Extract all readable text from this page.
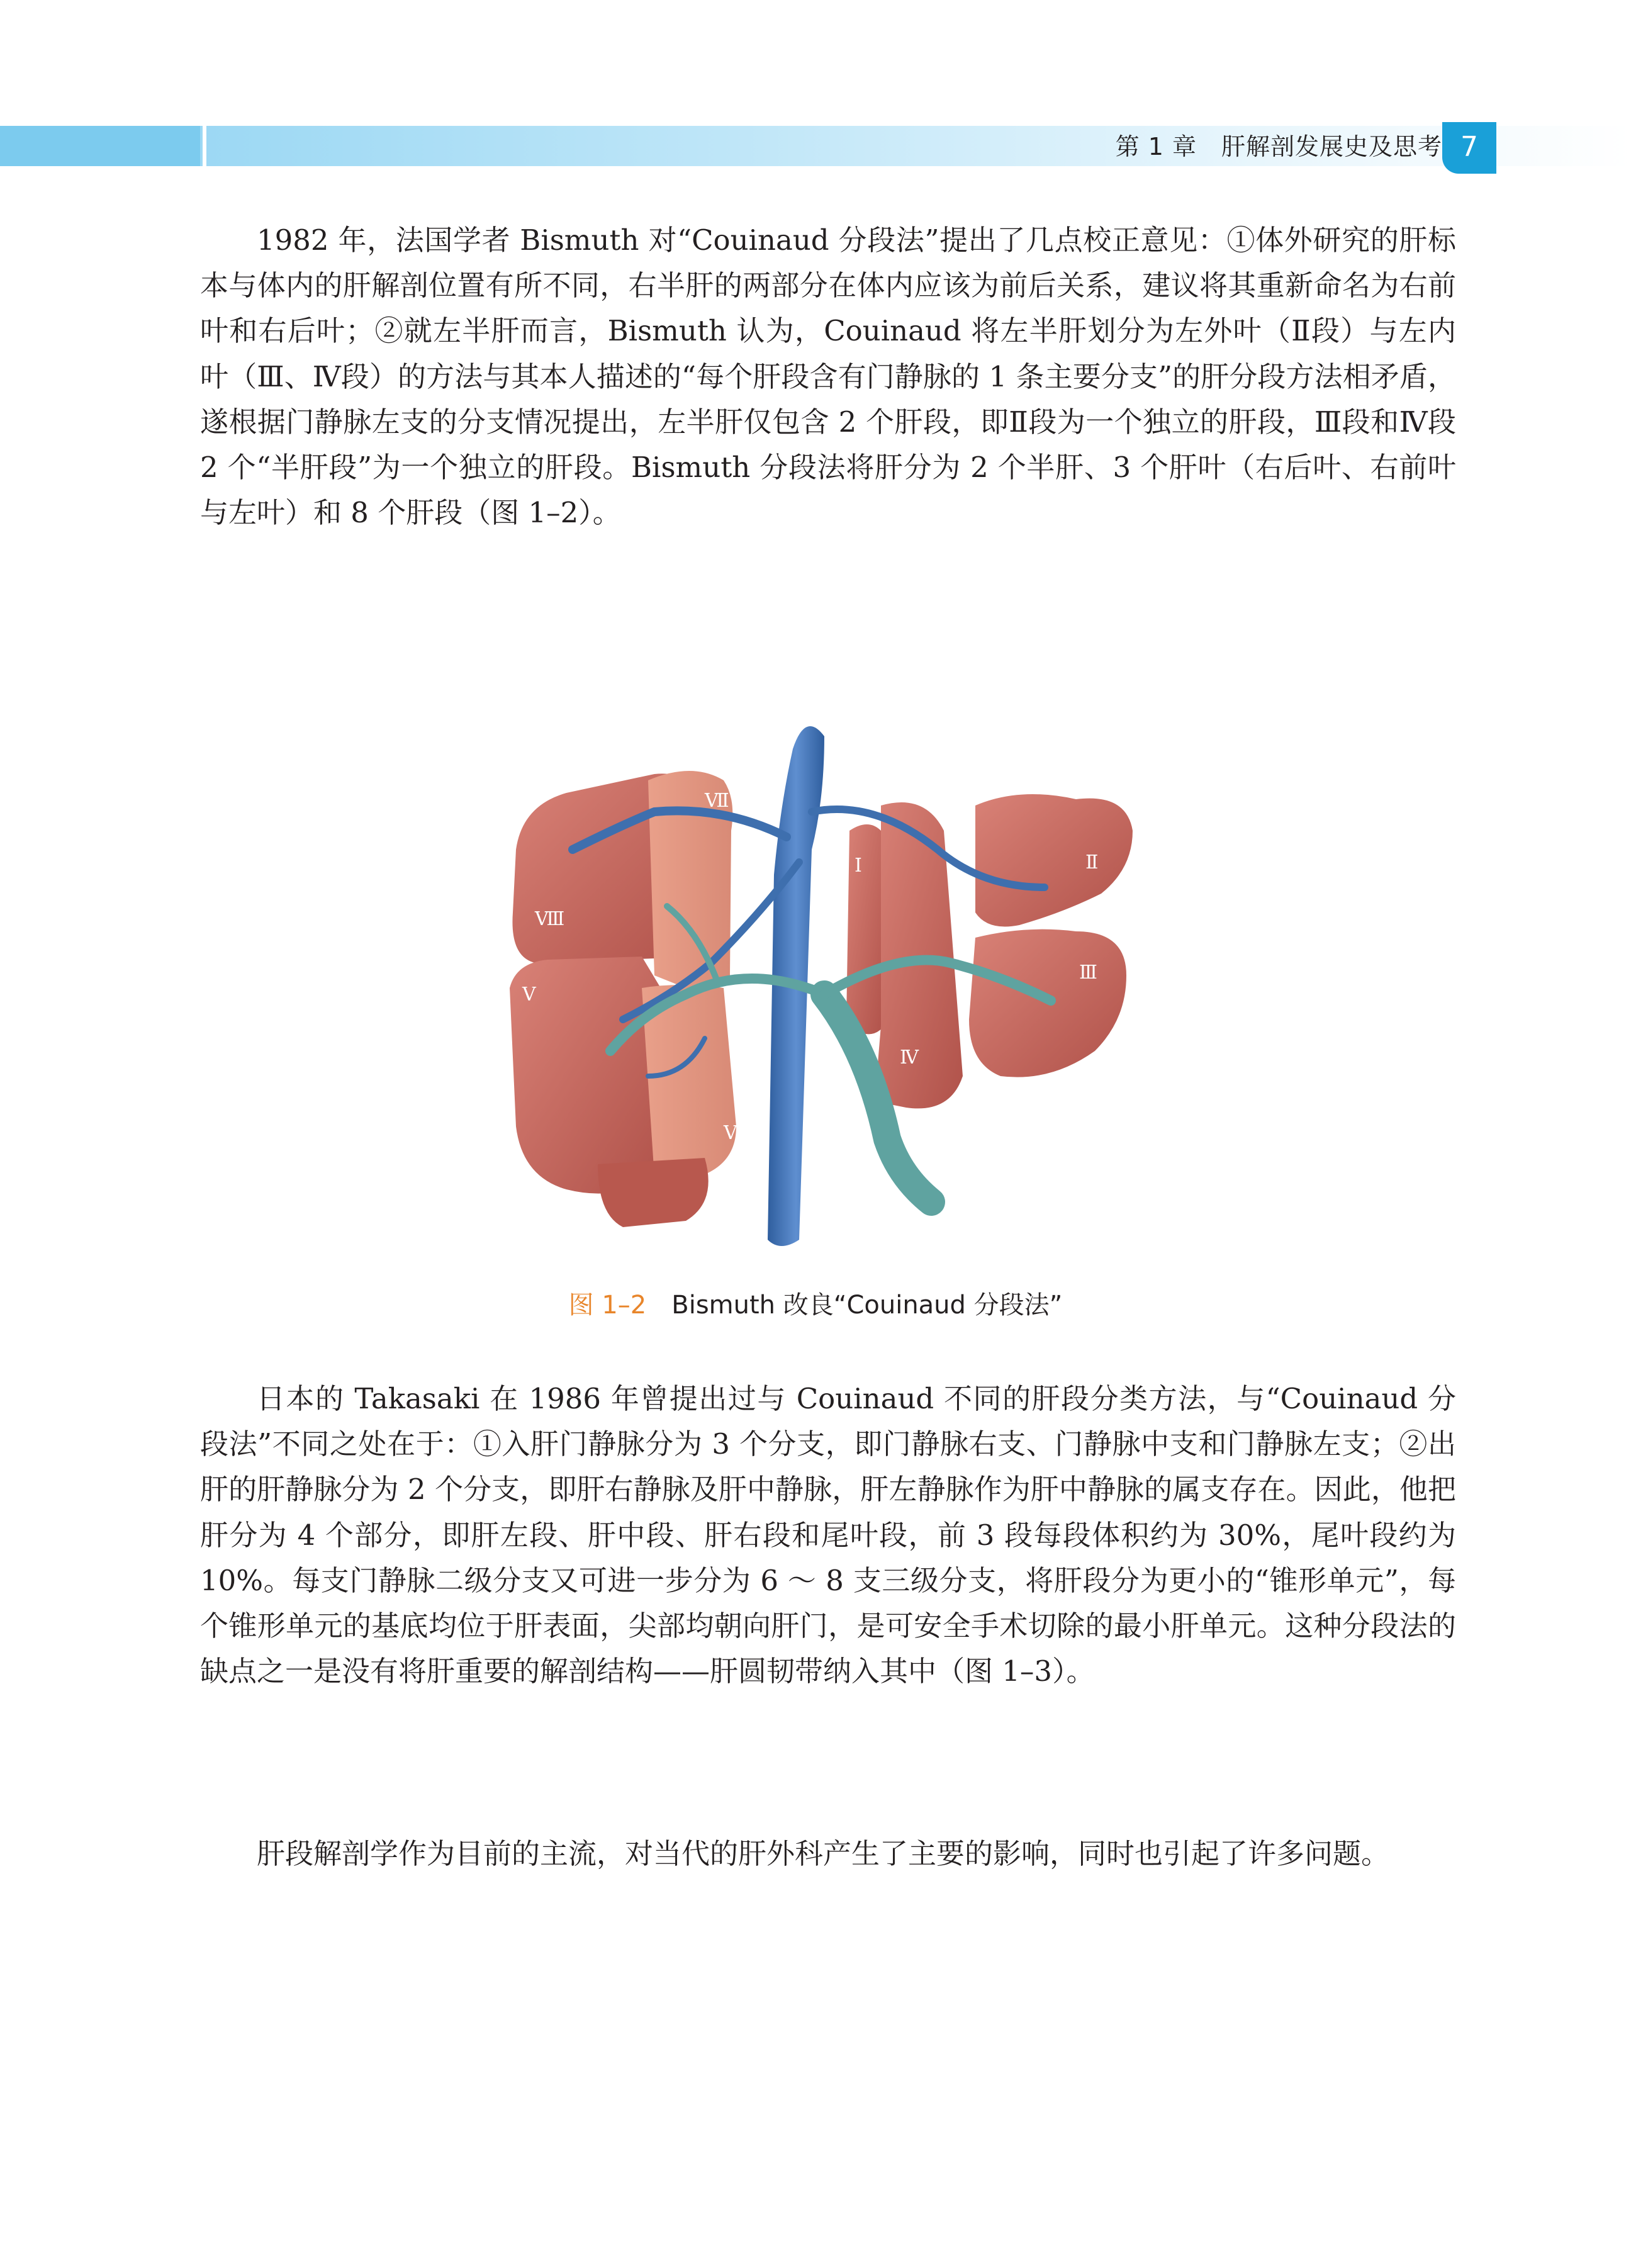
第 1 章　肝解剖发展史及思考 7

1982 年，法国学者 Bismuth 对“Couinaud 分段法”提出了几点校正意见：①体外研究的肝标本与体内的肝解剖位置有所不同，右半肝的两部分在体内应该为前后关系，建议将其重新命名为右前叶和右后叶；②就左半肝而言，Bismuth 认为，Couinaud 将左半肝划分为左外叶（Ⅱ段）与左内叶（Ⅲ、Ⅳ段）的方法与其本人描述的“每个肝段含有门静脉的 1 条主要分支”的肝分段方法相矛盾，遂根据门静脉左支的分支情况提出，左半肝仅包含 2 个肝段，即Ⅱ段为一个独立的肝段，Ⅲ段和Ⅳ段 2 个“半肝段”为一个独立的肝段。Bismuth 分段法将肝分为 2 个半肝、3 个肝叶（右后叶、右前叶与左叶）和 8 个肝段（图 1–2）。

Ⅶ
Ⅷ
Ⅴ
Ⅵ
Ⅰ	Ⅱ
Ⅲ
Ⅳ
图 1–2 Bismuth 改良“Couinaud 分段法”

日本的 Takasaki 在 1986 年曾提出过与 Couinaud 不同的肝段分类方法，与“Couinaud 分段法”不同之处在于：①入肝门静脉分为 3 个分支，即门静脉右支、门静脉中支和门静脉左支；②出肝的肝静脉分为 2 个分支，即肝右静脉及肝中静脉，肝左静脉作为肝中静脉的属支存在。因此，他把肝分为 4 个部分，即肝左段、肝中段、肝右段和尾叶段，前 3 段每段体积约为 30%，尾叶段约为 10%。每支门静脉二级分支又可进一步分为 6 ～ 8 支三级分支，将肝段分为更小的“锥形单元”，每个锥形单元的基底均位于肝表面，尖部均朝向肝门，是可安全手术切除的最小肝单元。这种分段法的缺点之一是没有将肝重要的解剖结构——肝圆韧带纳入其中（图 1–3）。

肝段解剖学作为目前的主流，对当代的肝外科产生了主要的影响，同时也引起了许多问题。
